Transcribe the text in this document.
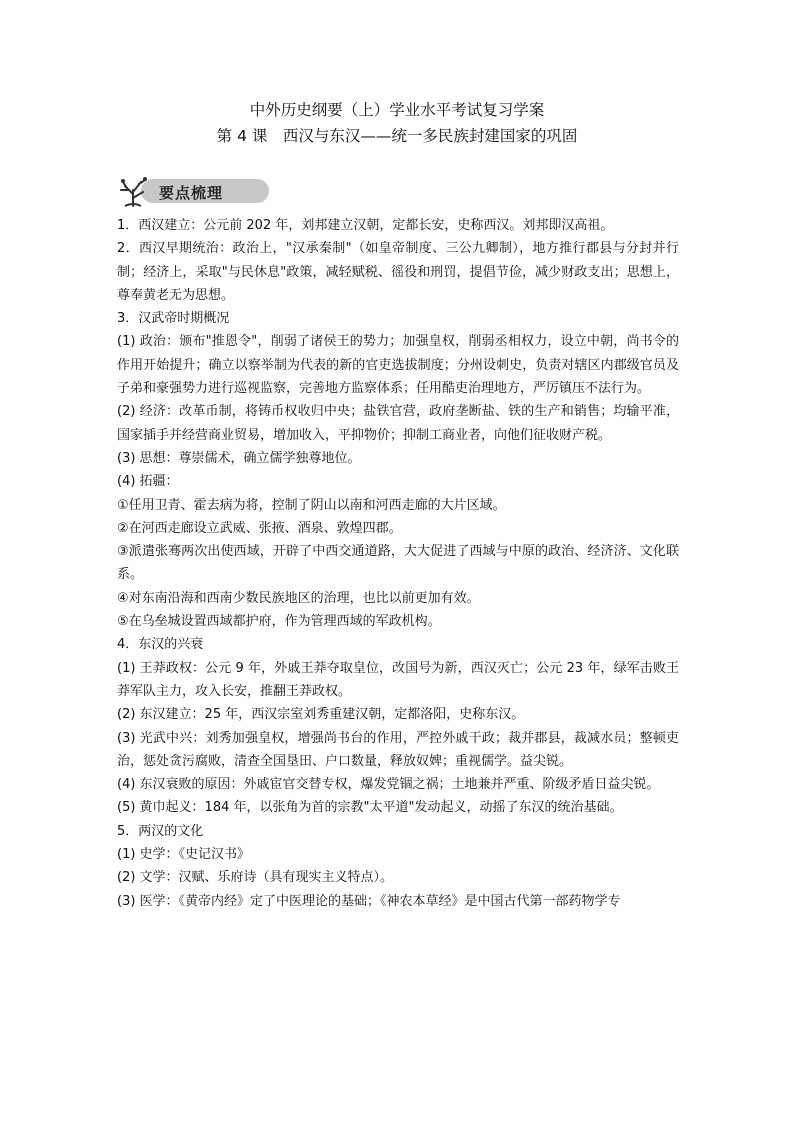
中外历史纲要（上）学业水平考试复习学案
第 4 课　西汉与东汉——统一多民族封建国家的巩固
要点梳理

1．西汉建立：公元前 202 年，刘邦建立汉朝，定都长安，史称西汉。刘邦即汉高祖。

2．西汉早期统治：政治上，"汉承秦制"（如皇帝制度、三公九卿制），地方推行郡县与分封并行制；经济上，采取"与民休息"政策，减轻赋税、徭役和刑罚，提倡节俭，减少财政支出；思想上，尊奉黄老无为思想。

3．汉武帝时期概况

(1) 政治：颁布"推恩令"，削弱了诸侯王的势力；加强皇权，削弱丞相权力，设立中朝，尚书令的作用开始提升；确立以察举制为代表的新的官吏选拔制度；分州设刺史，负责对辖区内郡级官员及子弟和豪强势力进行巡视监察，完善地方监察体系；任用酷吏治理地方，严厉镇压不法行为。

(2) 经济：改革币制，将铸币权收归中央；盐铁官营，政府垄断盐、铁的生产和销售；均输平准，国家插手并经营商业贸易，增加收入，平抑物价；抑制工商业者，向他们征收财产税。

(3) 思想：尊崇儒术，确立儒学独尊地位。

(4) 拓疆：

①任用卫青、霍去病为将，控制了阴山以南和河西走廊的大片区域。

②在河西走廊设立武威、张掖、酒泉、敦煌四郡。

③派遣张骞两次出使西域，开辟了中西交通道路，大大促进了西域与中原的政治、经济济、文化联系。

④对东南沿海和西南少数民族地区的治理，也比以前更加有效。

⑤在乌垒城设置西域都护府，作为管理西域的军政机构。

4．东汉的兴衰

(1) 王莽政权：公元 9 年，外戚王莽夺取皇位，改国号为新，西汉灭亡；公元 23 年，绿军击败王莽军队主力，攻入长安，推翻王莽政权。

(2) 东汉建立：25 年，西汉宗室刘秀重建汉朝，定都洛阳，史称东汉。

(3) 光武中兴：刘秀加强皇权，增强尚书台的作用，严控外戚干政；裁并郡县，裁减水员；整顿吏治，惩处贪污腐败，清查全国垦田、户口数量，释放奴婢；重视儒学。益尖锐。

(4) 东汉衰败的原因：外戚宦官交替专权，爆发党锢之祸；土地兼并严重、阶级矛盾日益尖锐。

(5) 黄巾起义：184 年，以张角为首的宗教"太平道"发动起义，动摇了东汉的统治基础。

5．两汉的文化

(1) 史学：《史记汉书》

(2) 文学：汉赋、乐府诗（具有现实主义特点）。

(3) 医学：《黄帝内经》定了中医理论的基础；《神农本草经》是中国古代第一部药物学专
